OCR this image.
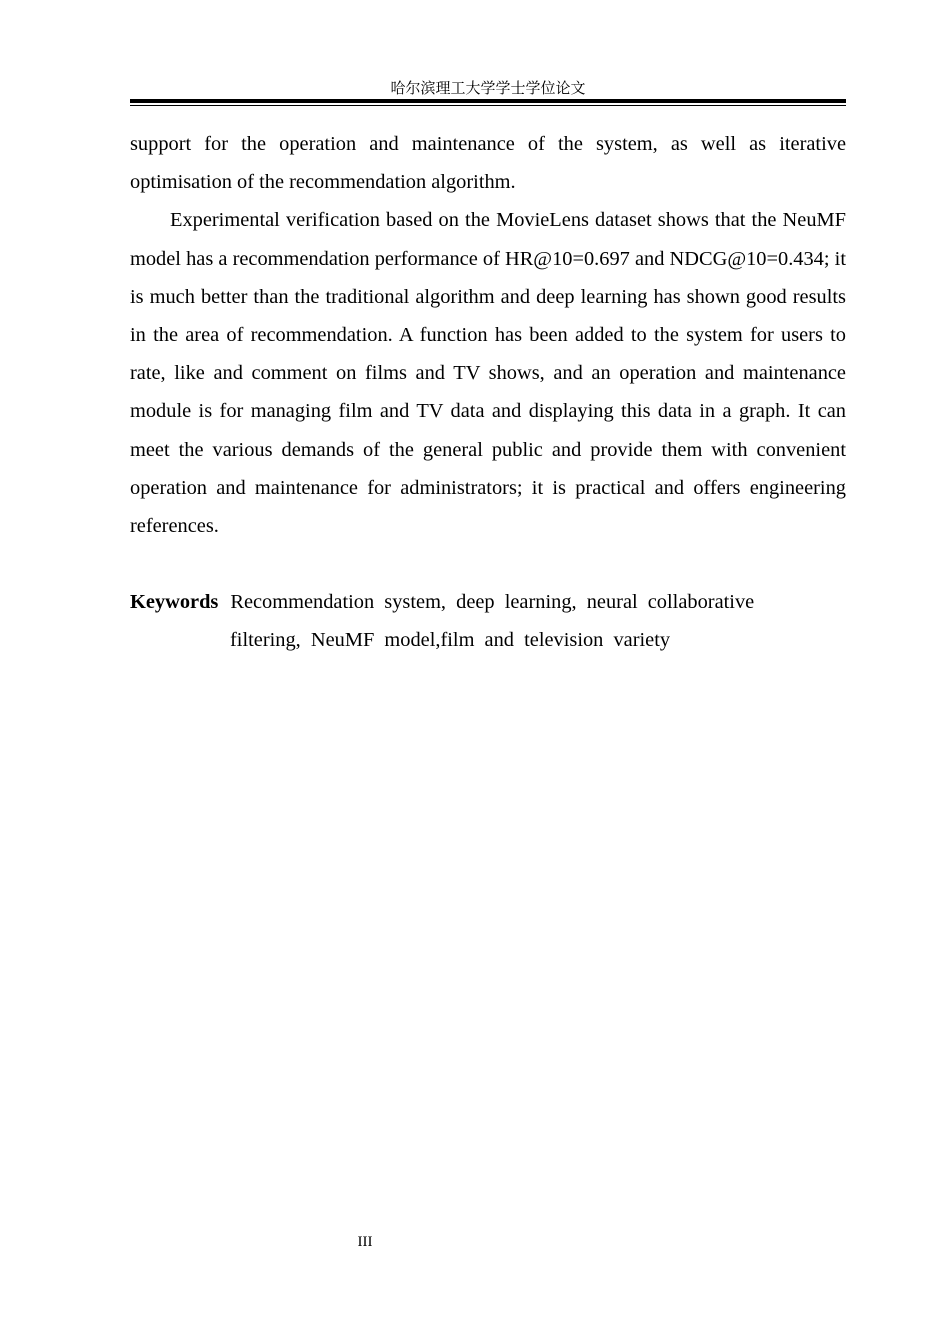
哈尔滨理工大学学士学位论文

support for the operation and maintenance of the system, as well as iterative optimisation of the recommendation algorithm.

Experimental verification based on the MovieLens dataset shows that the NeuMF model has a recommendation performance of HR@10=0.697 and NDCG@10=0.434; it is much better than the traditional algorithm and deep learning has shown good results in the area of recommendation. A function has been added to the system for users to rate, like and comment on films and TV shows, and an operation and maintenance module is for managing film and TV data and displaying this data in a graph. It can meet the various demands of the general public and provide them with convenient operation and maintenance for administrators; it is practical and offers engineering references.

Keywords Recommendation system, deep learning, neural collaborative
filtering, NeuMF model,film and television variety
III
